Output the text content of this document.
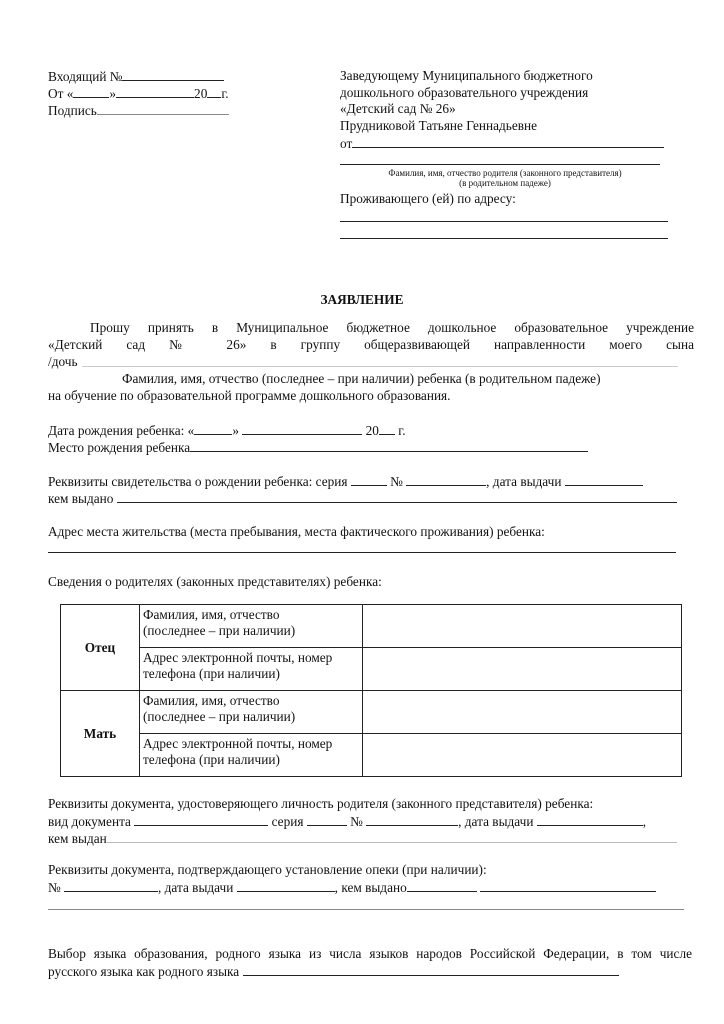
Входящий №
От «	»	20 г.
Подпись
Заведующему Муниципального бюджетного
дошкольного образовательного учреждения
«Детский сад № 26»
Прудниковой Татьяне Геннадьевне
от
Фамилия, имя, отчество родителя (законного представителя)
(в родительном падеже)
Проживающего (ей) по адресу:
ЗАЯВЛЕНИЕ
Прошу принять в Муниципальное бюджетное дошкольное образовательное учреждение
«Детский сад № 26» в группу общеразвивающей направленности моего сына
/дочь
Фамилия, имя, отчество (последнее – при наличии) ребенка (в родительном падеже)
на обучение по образовательной программе дошкольного образования.
Дата рождения ребенка: «	»	20 г.
Место рождения ребенка
Реквизиты свидетельства о рождении ребенка: серия	№	, дата выдачи
кем выдано
Адрес места жительства (места пребывания, места фактического проживания) ребенка:
Сведения о родителях (законных представителях) ребенка:
Отец	Фамилия, имя, отчество
(последнее – при наличии)	
	Адрес электронной почты, номер
телефона (при наличии)	
Мать	Фамилия, имя, отчество
(последнее – при наличии)	
	Адрес электронной почты, номер
телефона (при наличии)	
Реквизиты документа, удостоверяющего личность родителя (законного представителя) ребенка:
вид документа	серия	№	, дата выдачи	,
кем выдан
Реквизиты документа, подтверждающего установление опеки (при наличии):
№	, дата выдачи	, кем выдано
Выбор языка образования, родного языка из числа языков народов Российской Федерации, в том числе
русского языка как родного языка
